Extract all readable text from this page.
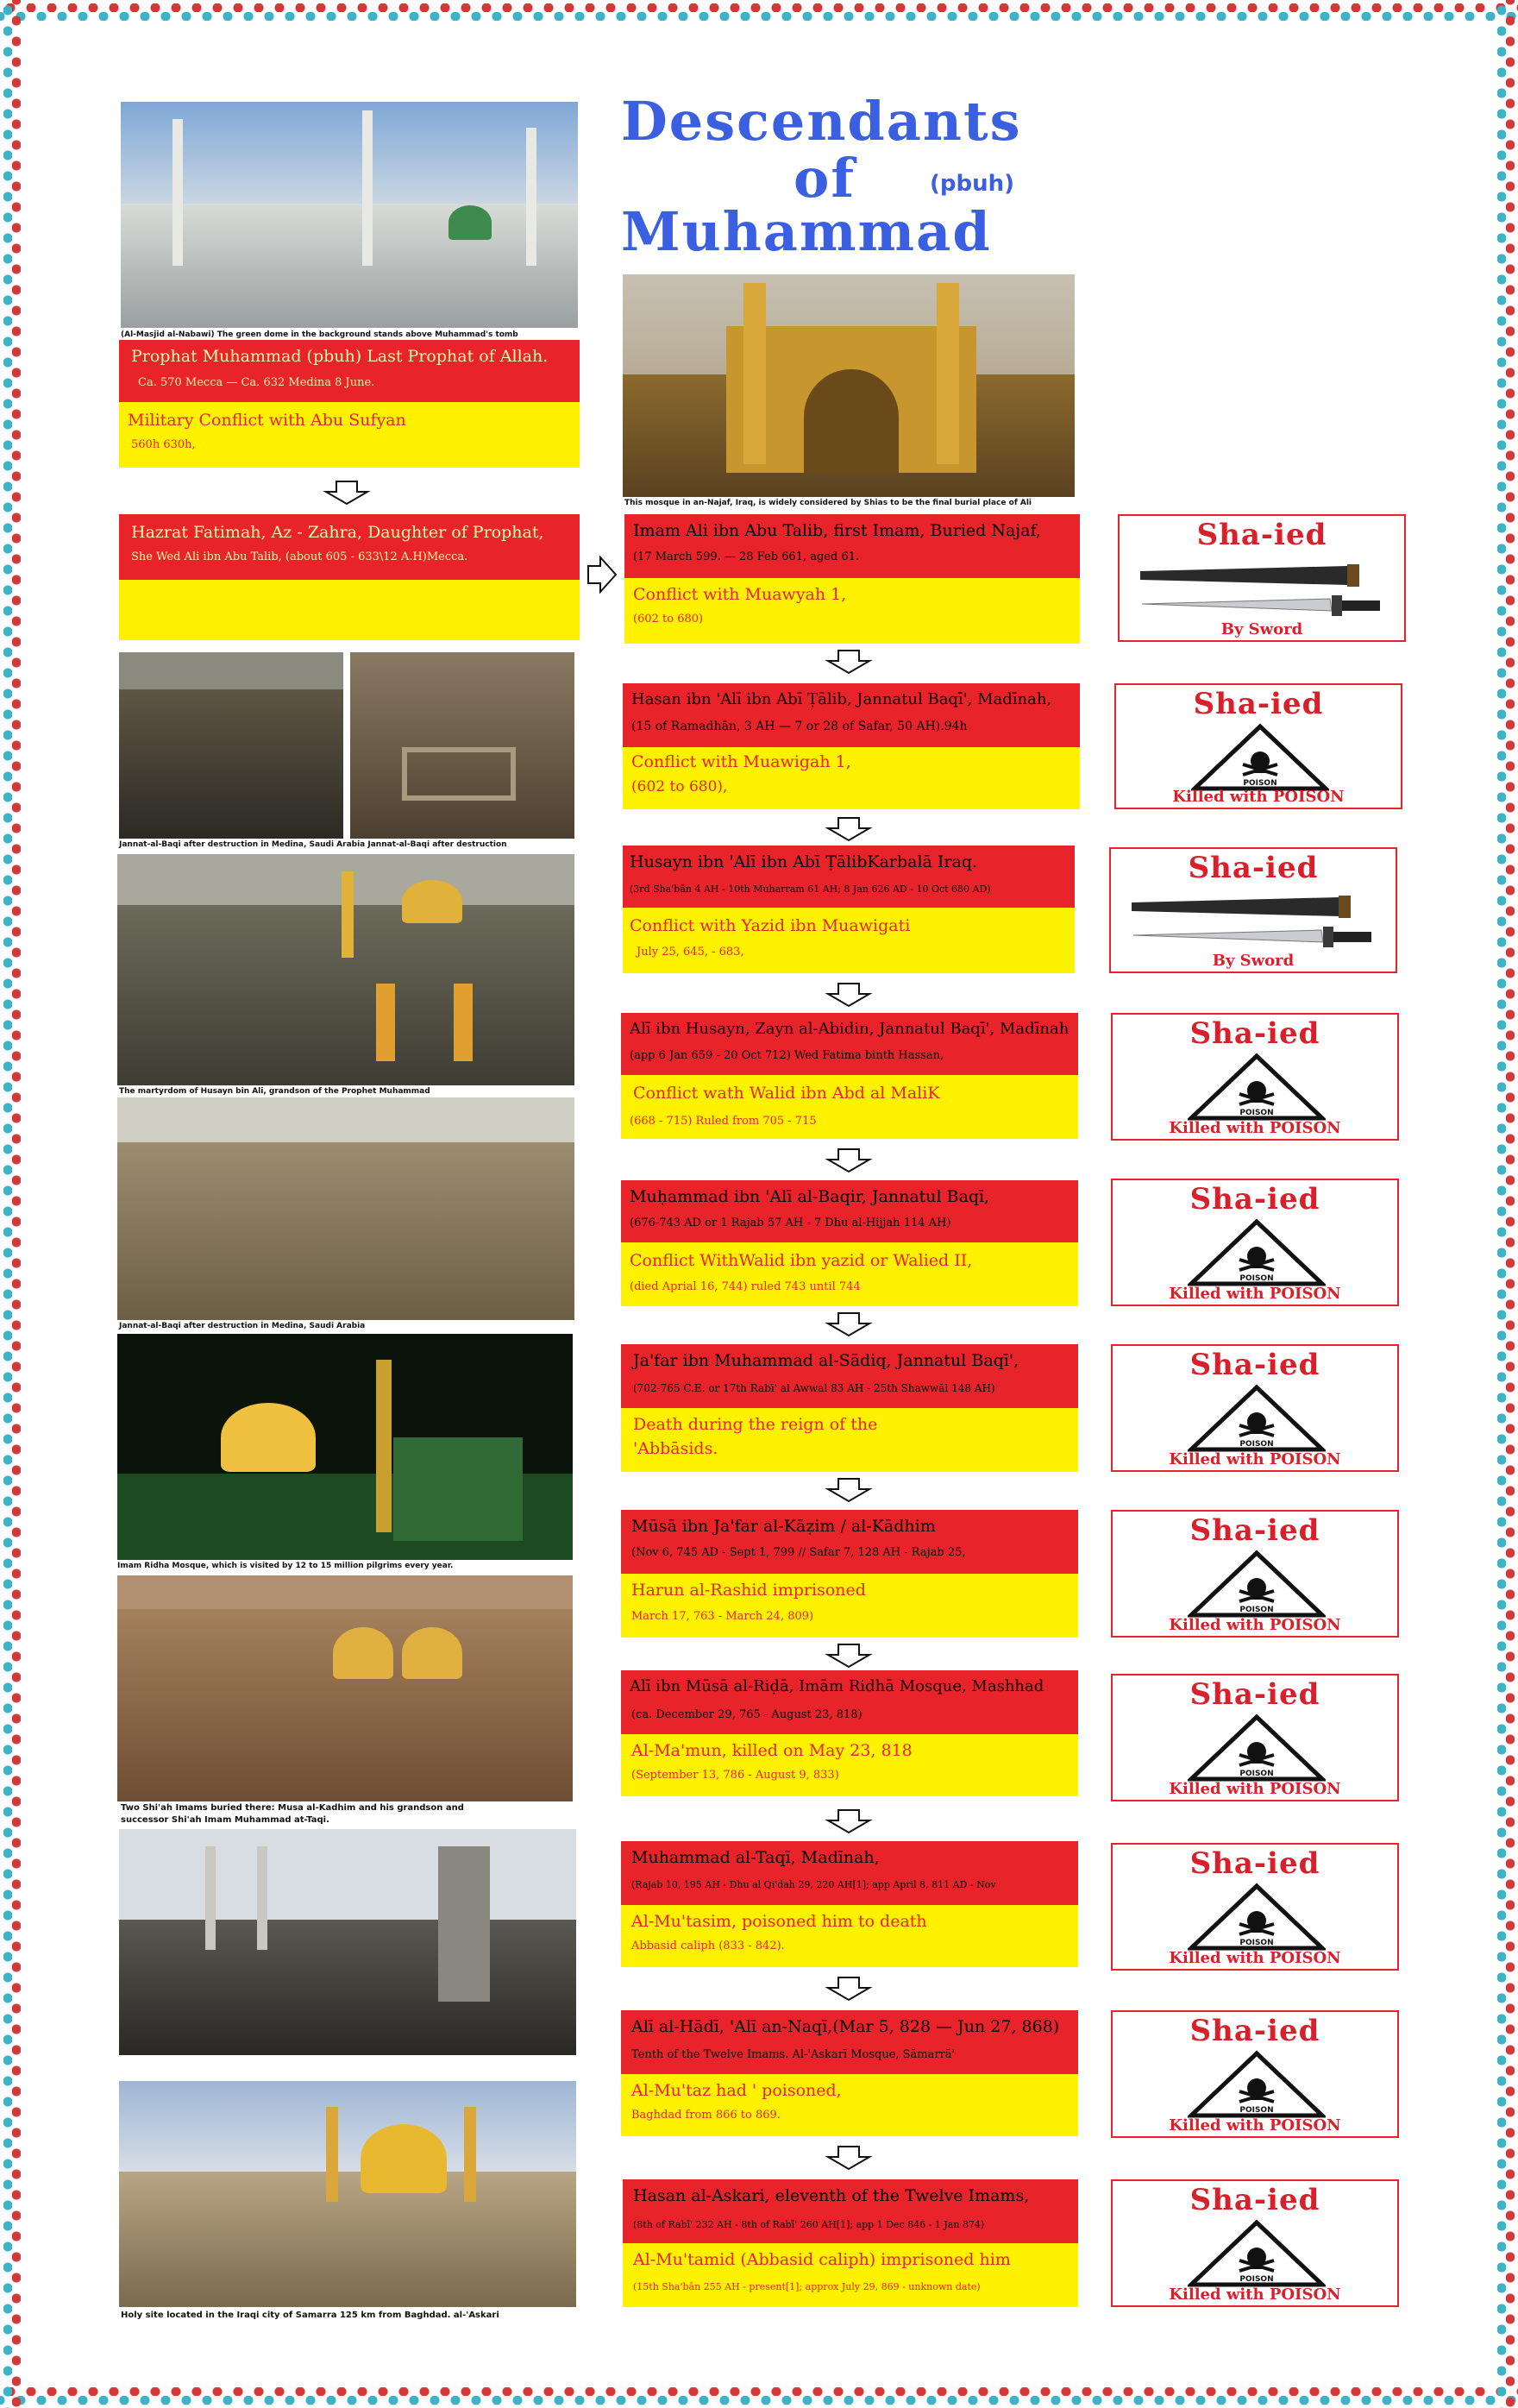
Descendants
of
Muhammad
(pbuh)
(Al-Masjid al-Nabawi) The green dome in the background stands above Muhammad's tomb
This mosque in an-Najaf, Iraq, is widely considered by Shias to be the final burial place of Ali
Jannat-al-Baqi after destruction in Medina, Saudi Arabia Jannat-al-Baqi after destruction
The martyrdom of Husayn bin Ali, grandson of the Prophet Muhammad
Jannat-al-Baqi after destruction in Medina, Saudi Arabia
Imam Ridha Mosque, which is visited by 12 to 15 million pilgrims every year.
Two Shi'ah Imams buried there: Musa al-Kadhim and his grandson and
successor Shi'ah Imam Muhammad at-Taqi.
Holy site located in the Iraqi city of Samarra 125 km from Baghdad. al-'Askari
Prophat Muhammad (pbuh) Last Prophat of Allah.
Ca. 570 Mecca — Ca. 632 Medina 8 June.
Military Conflict with Abu Sufyan
560h 630h,
Hazrat Fatimah, Az - Zahra, Daughter of Prophat,
She Wed Ali ibn Abu Talib, (about 605 - 633\12 A.H)Mecca.
Imam Ali ibn Abu Talib, first Imam, Buried Najaf,
(17 March 599. — 28 Feb 661, aged 61.
Conflict with Muawyah 1,
(602 to 680)
Hasan ibn 'Alī ibn Abī Ṭālib, Jannatul Baqī', Madīnah,
(15 of Ramadhān, 3 AH — 7 or 28 of Safar, 50 AH).94h
Conflict with Muawigah 1,
(602 to 680),
Husayn ibn 'Alī ibn Abī ṬālibKarbalā Iraq.
(3rd Sha'bān 4 AH - 10th Muharram 61 AH; 8 Jan 626 AD - 10 Oct 680 AD)
Conflict with Yazid ibn Muawigati
July 25, 645, - 683,
Alī ibn Husayn, Zayn al-Abidin, Jannatul Baqī', Madīnah
(app 6 Jan 659 - 20 Oct 712) Wed Fatima binth Hassan,
Conflict wath Walid ibn Abd al MaliK
(668 - 715) Ruled from 705 - 715
Muḥammad ibn 'Alī al-Baqir, Jannatul Baqī,
(676-743 AD or 1 Rajab 57 AH - 7 Dhu al-Hijjah 114 AH)
Conflict WithWalid ibn yazid or Walied II,
(died Aprial 16, 744) ruled 743 until 744
Ja'far ibn Muhammad al-Sādiq, Jannatul Baqī',
(702-765 C.E. or 17th Rabī' al Awwal 83 AH - 25th Shawwāl 148 AH)
Death during the reign of the
'Abbāsids.
Mūsā ibn Ja'far al-Kāẓim / al-Kādhim
(Nov 6, 745 AD - Sept 1, 799 // Safar 7, 128 AH - Rajab 25,
Harun al-Rashid imprisoned
March 17, 763 - March 24, 809)
Alī ibn Mūsā al-Riḍā, Imām Ridhā Mosque, Mashhad
(ca. December 29, 765 - August 23, 818)
Al-Ma'mun, killed on May 23, 818
(September 13, 786 - August 9, 833)
Muhammad al-Taqī, Madīnah,
(Rajab 10, 195 AH - Dhu al Qi'dah 29, 220 AH[1]; app April 8, 811 AD - Nov
Al-Mu'tasim, poisoned him to death
Abbasid caliph (833 - 842).
Alī al-Hādī, 'Alī an-Naqī,(Mar 5, 828 — Jun 27, 868)
Tenth of the Twelve Imams. Al-'Askarī Mosque, Sāmarrā'
Al-Mu'taz had ' poisoned,
Baghdad from 866 to 869.
Hasan al-Askari, eleventh of the Twelve Imams,
(8th of Rabī' 232 AH - 8th of Rabī' 260 AH[1]; app 1 Dec 846 - 1 Jan 874)
Al-Mu'tamid (Abbasid caliph) imprisoned him
(15th Sha'bān 255 AH - present[1]; approx July 29, 869 - unknown date)
Sha-ied
By Sword
Sha-ied
POISON
Killed with POISON
Sha-ied
By Sword
Sha-ied
POISON
Killed with POISON
Sha-ied
POISON
Killed with POISON
Sha-ied
POISON
Killed with POISON
Sha-ied
POISON
Killed with POISON
Sha-ied
POISON
Killed with POISON
Sha-ied
POISON
Killed with POISON
Sha-ied
POISON
Killed with POISON
Sha-ied
POISON
Killed with POISON
